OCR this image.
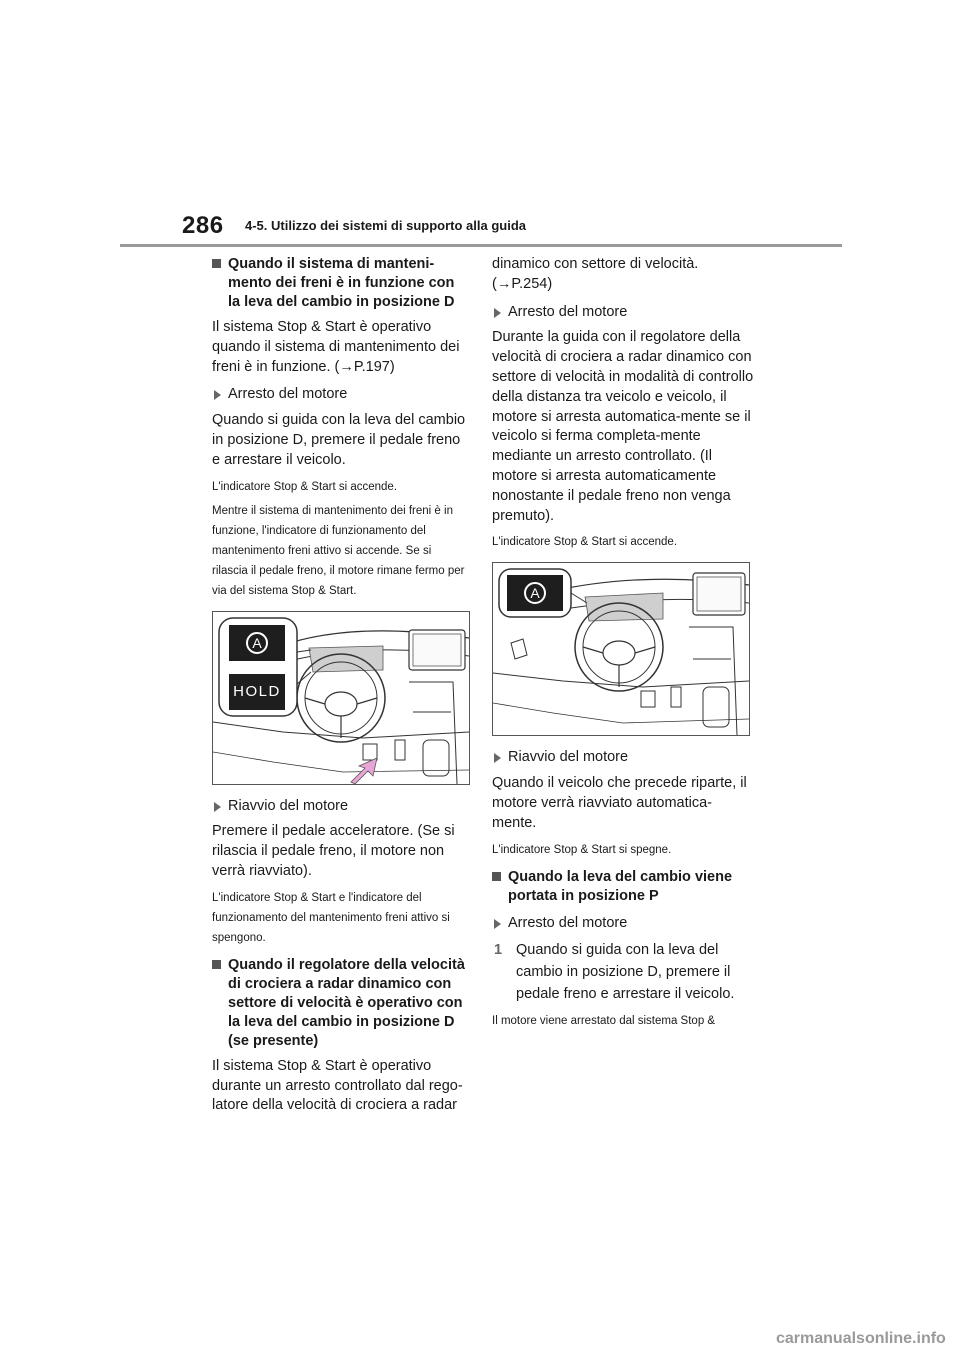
286 4-5. Utilizzo dei sistemi di supporto alla guida
Quando il sistema di manteni-mento dei freni è in funzione con la leva del cambio in posizione D

Il sistema Stop & Start è operativo quando il sistema di mantenimento dei freni è in funzione. (→P.197)

Arresto del motore

Quando si guida con la leva del cambio in posizione D, premere il pedale freno e arrestare il veicolo.

L'indicatore Stop & Start si accende.

Mentre il sistema di mantenimento dei freni è in funzione, l'indicatore di funzionamento del mantenimento freni attivo si accende. Se si rilascia il pedale freno, il motore rimane fermo per via del sistema Stop & Start.

A
HOLD
Riavvio del motore

Premere il pedale acceleratore. (Se si rilascia il pedale freno, il motore non verrà riavviato).

L'indicatore Stop & Start e l'indicatore del funzionamento del mantenimento freni attivo si spengono.

Quando il regolatore della velocità di crociera a radar dinamico con settore di velocità è operativo con la leva del cambio in posizione D (se presente)

Il sistema Stop & Start è operativo durante un arresto controllato dal rego-latore della velocità di crociera a radar

dinamico con settore di velocità. (→P.254)

Arresto del motore

Durante la guida con il regolatore della velocità di crociera a radar dinamico con settore di velocità in modalità di controllo della distanza tra veicolo e veicolo, il motore si arresta automatica-mente se il veicolo si ferma completa-mente mediante un arresto controllato. (Il motore si arresta automaticamente nonostante il pedale freno non venga premuto).

L'indicatore Stop & Start si accende.

A
Riavvio del motore

Quando il veicolo che precede riparte, il motore verrà riavviato automatica-mente.

L'indicatore Stop & Start si spegne.

Quando la leva del cambio viene portata in posizione P
Arresto del motore
1 Quando si guida con la leva del cambio in posizione D, premere il pedale freno e arrestare il veicolo.

Il motore viene arrestato dal sistema Stop &

carmanualsonline.info
